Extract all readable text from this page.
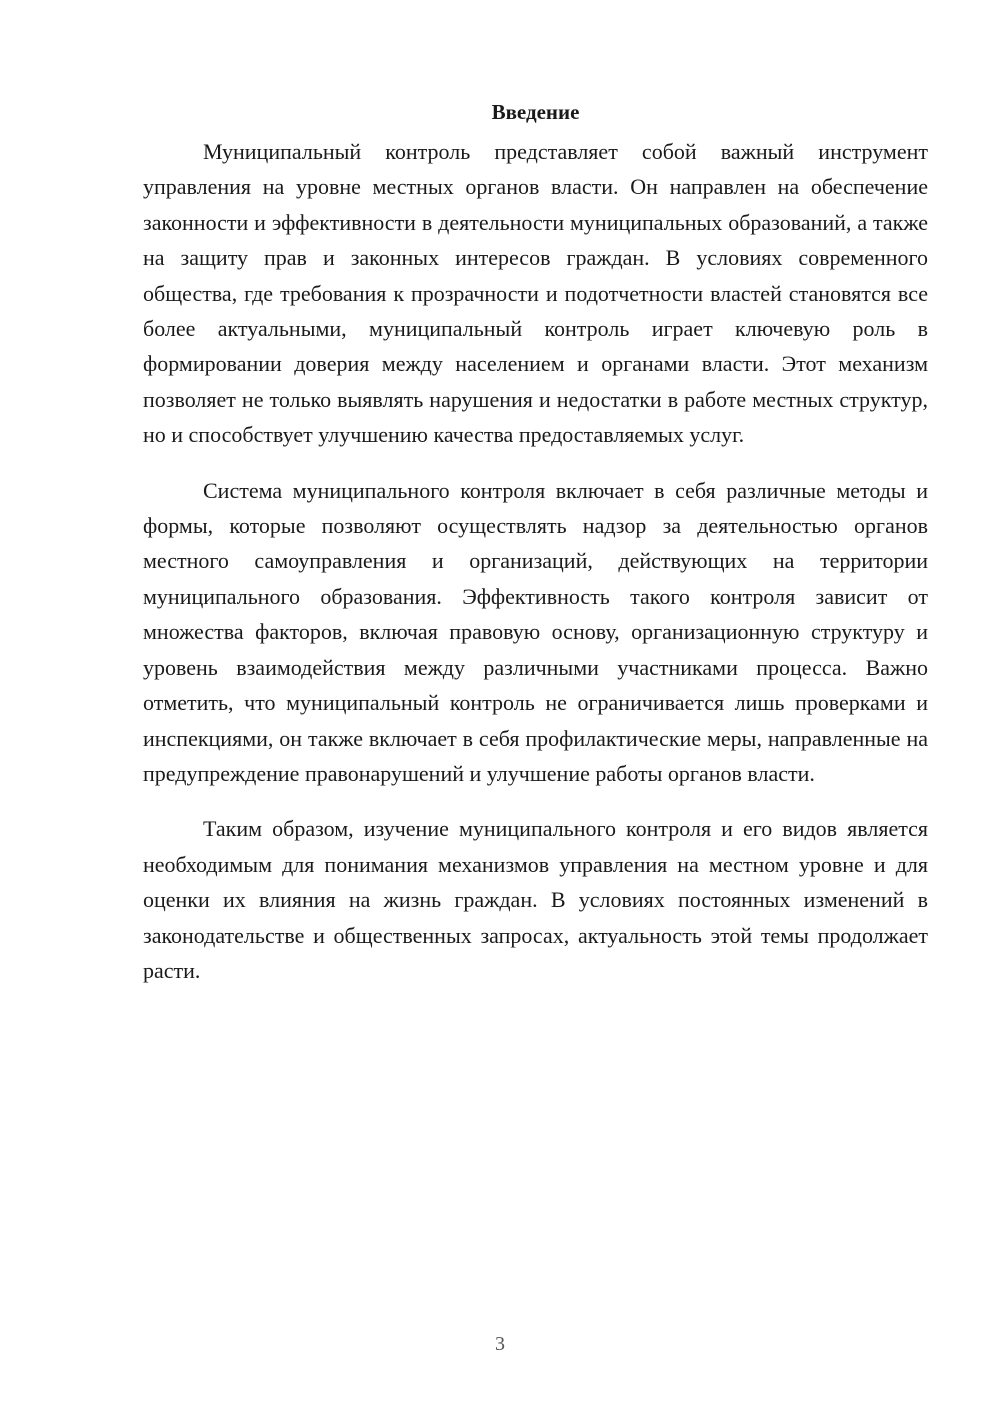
Введение

Муниципальный контроль представляет собой важный инструмент управления на уровне местных органов власти. Он направлен на обеспечение законности и эффективности в деятельности муниципальных образований, а также на защиту прав и законных интересов граждан. В условиях современного общества, где требования к прозрачности и подотчетности властей становятся все более актуальными, муниципальный контроль играет ключевую роль в формировании доверия между населением и органами власти. Этот механизм позволяет не только выявлять нарушения и недостатки в работе местных структур, но и способствует улучшению качества предоставляемых услуг.

Система муниципального контроля включает в себя различные методы и формы, которые позволяют осуществлять надзор за деятельностью органов местного самоуправления и организаций, действующих на территории муниципального образования. Эффективность такого контроля зависит от множества факторов, включая правовую основу, организационную структуру и уровень взаимодействия между различными участниками процесса. Важно отметить, что муниципальный контроль не ограничивается лишь проверками и инспекциями, он также включает в себя профилактические меры, направленные на предупреждение правонарушений и улучшение работы органов власти.

Таким образом, изучение муниципального контроля и его видов является необходимым для понимания механизмов управления на местном уровне и для оценки их влияния на жизнь граждан. В условиях постоянных изменений в законодательстве и общественных запросах, актуальность этой темы продолжает расти.

3
